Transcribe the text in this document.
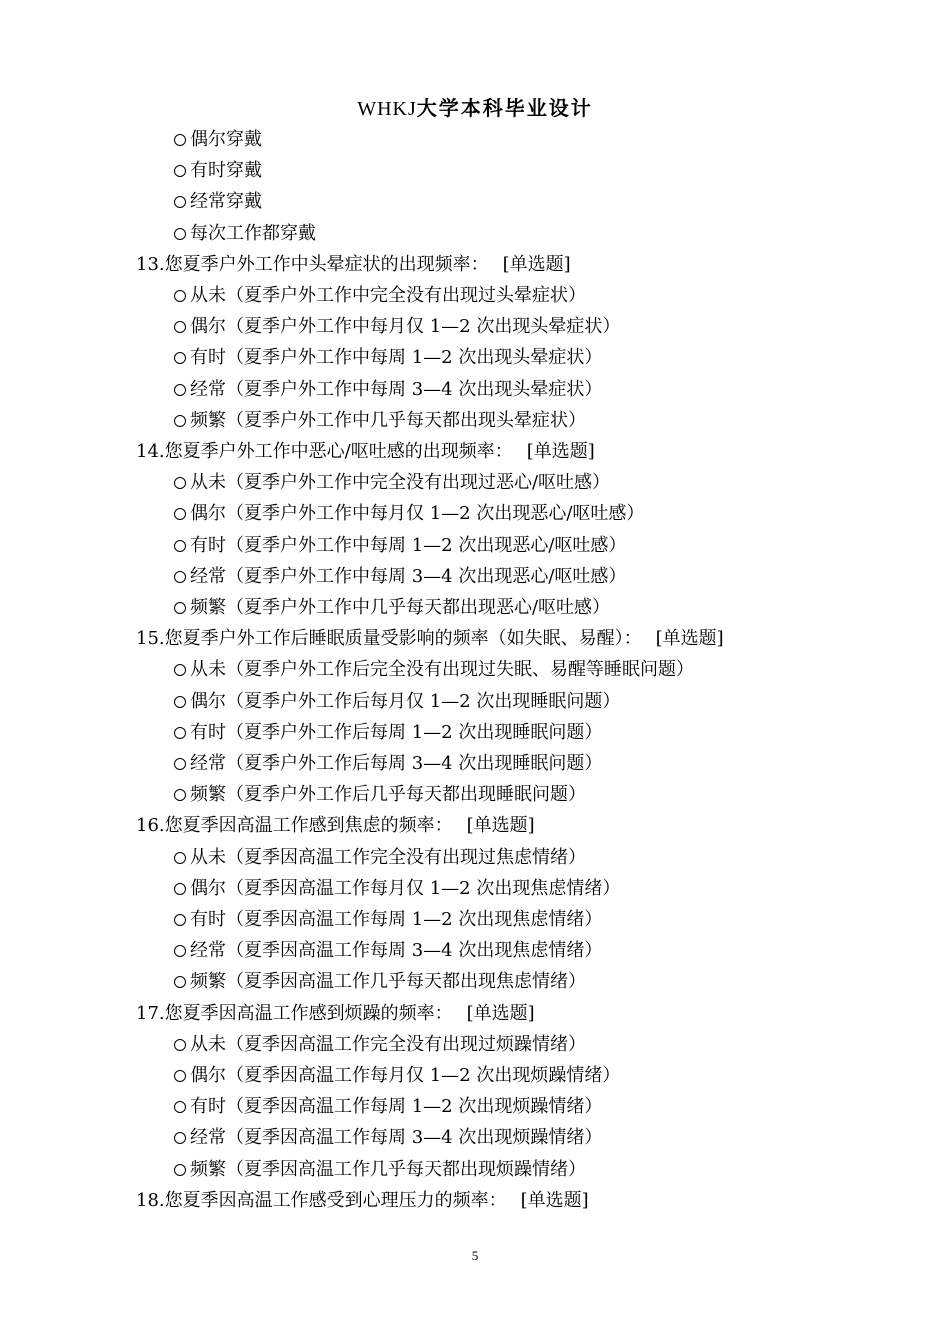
WHKJ大学本科毕业设计
偶尔穿戴
有时穿戴
经常穿戴
每次工作都穿戴
13.您夏季户外工作中头晕症状的出现频率： [单选题]
从未（夏季户外工作中完全没有出现过头晕症状）
偶尔（夏季户外工作中每月仅 1—2 次出现头晕症状）
有时（夏季户外工作中每周 1—2 次出现头晕症状）
经常（夏季户外工作中每周 3—4 次出现头晕症状）
频繁（夏季户外工作中几乎每天都出现头晕症状）
14.您夏季户外工作中恶心/呕吐感的出现频率： [单选题]
从未（夏季户外工作中完全没有出现过恶心/呕吐感）
偶尔（夏季户外工作中每月仅 1—2 次出现恶心/呕吐感）
有时（夏季户外工作中每周 1—2 次出现恶心/呕吐感）
经常（夏季户外工作中每周 3—4 次出现恶心/呕吐感）
频繁（夏季户外工作中几乎每天都出现恶心/呕吐感）
15.您夏季户外工作后睡眠质量受影响的频率（如失眠、易醒）： [单选题]
从未（夏季户外工作后完全没有出现过失眠、易醒等睡眠问题）
偶尔（夏季户外工作后每月仅 1—2 次出现睡眠问题）
有时（夏季户外工作后每周 1—2 次出现睡眠问题）
经常（夏季户外工作后每周 3—4 次出现睡眠问题）
频繁（夏季户外工作后几乎每天都出现睡眠问题）
16.您夏季因高温工作感到焦虑的频率： [单选题]
从未（夏季因高温工作完全没有出现过焦虑情绪）
偶尔（夏季因高温工作每月仅 1—2 次出现焦虑情绪）
有时（夏季因高温工作每周 1—2 次出现焦虑情绪）
经常（夏季因高温工作每周 3—4 次出现焦虑情绪）
频繁（夏季因高温工作几乎每天都出现焦虑情绪）
17.您夏季因高温工作感到烦躁的频率： [单选题]
从未（夏季因高温工作完全没有出现过烦躁情绪）
偶尔（夏季因高温工作每月仅 1—2 次出现烦躁情绪）
有时（夏季因高温工作每周 1—2 次出现烦躁情绪）
经常（夏季因高温工作每周 3—4 次出现烦躁情绪）
频繁（夏季因高温工作几乎每天都出现烦躁情绪）
18.您夏季因高温工作感受到心理压力的频率： [单选题]
5
